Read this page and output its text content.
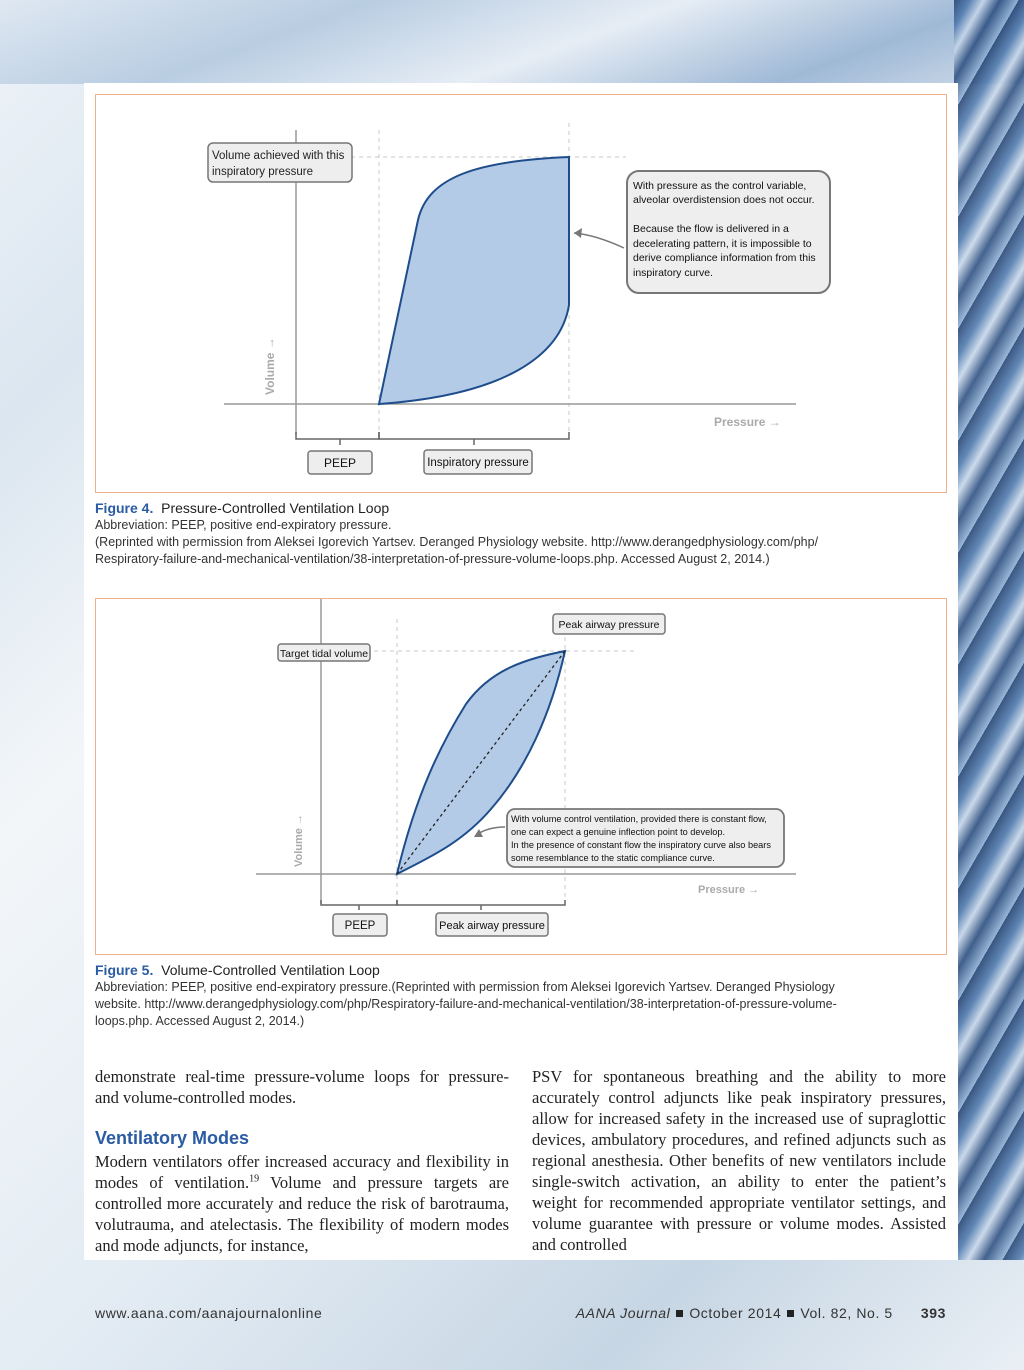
Volume →
Pressure →
Volume achieved with this
inspiratory pressure
With pressure as the control variable,
alveolar overdistension does not occur.
Because the flow is delivered in a
decelerating pattern, it is impossible to
derive compliance information from this
inspiratory curve.
PEEP	Inspiratory pressure
Figure 4. Pressure-Controlled Ventilation Loop
Abbreviation: PEEP, positive end-expiratory pressure.
(Reprinted with permission from Aleksei Igorevich Yartsev. Deranged Physiology website. http://www.derangedphysiology.com/php/
Respiratory-failure-and-mechanical-ventilation/38-interpretation-of-pressure-volume-loops.php. Accessed August 2, 2014.)
Volume →
Pressure →
Target tidal volume
Peak airway pressure
With volume control ventilation, provided there is constant flow,
one can expect a genuine inflection point to develop.
In the presence of constant flow the inspiratory curve also bears
some resemblance to the static compliance curve.
PEEP	Peak airway pressure
Figure 5. Volume-Controlled Ventilation Loop
Abbreviation: PEEP, positive end-expiratory pressure.(Reprinted with permission from Aleksei Igorevich Yartsev. Deranged Physiology
website. http://www.derangedphysiology.com/php/Respiratory-failure-and-mechanical-ventilation/38-interpretation-of-pressure-volume-
loops.php. Accessed August 2, 2014.)

demonstrate real-time pressure-volume loops for pressure- and volume-controlled modes.

Ventilatory Modes

Modern ventilators offer increased accuracy and flexibility in modes of ventilation.$^{19}$ Volume and pressure targets are controlled more accurately and reduce the risk of barotrauma, volutrauma, and atelectasis. The flexibility of modern modes and mode adjuncts, for instance,

PSV for spontaneous breathing and the ability to more accurately control adjuncts like peak inspiratory pressures, allow for increased safety in the increased use of supraglottic devices, ambulatory procedures, and refined adjuncts such as regional anesthesia. Other benefits of new ventilators include single-switch activation, an ability to enter the patient’s weight for recommended appropriate ventilator settings, and volume guarantee with pressure or volume modes. Assisted and controlled

www.aana.com/aanajournalonline	AANA Journal October 2014 Vol. 82, No. 5 393
